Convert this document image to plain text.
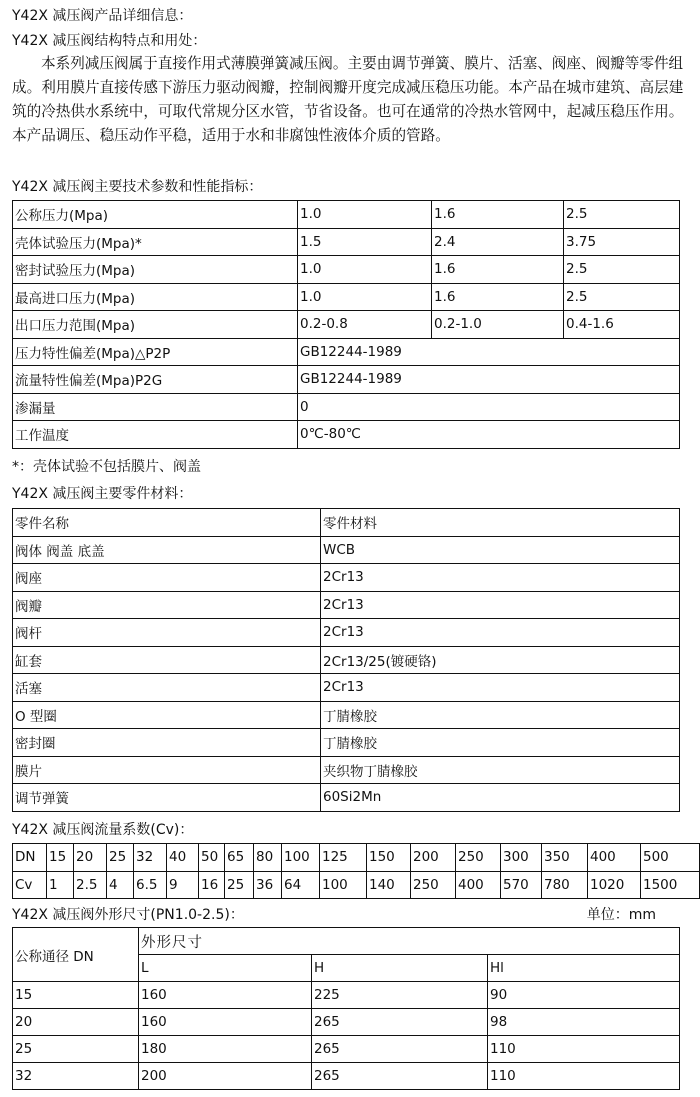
Y42X 减压阀产品详细信息：
Y42X 减压阀结构特点和用处：

本系列减压阀属于直接作用式薄膜弹簧减压阀。主要由调节弹簧、膜片、活塞、阀座、阀瓣等零件组成。利用膜片直接传感下游压力驱动阀瓣，控制阀瓣开度完成减压稳压功能。本产品在城市建筑、高层建筑的冷热供水系统中，可取代常规分区水管，节省设备。也可在通常的冷热水管网中，起减压稳压作用。

本产品调压、稳压动作平稳，适用于水和非腐蚀性液体介质的管路。

Y42X 减压阀主要技术参数和性能指标：
公称压力(Mpa)	1.0	1.6	2.5
壳体试验压力(Mpa)*	1.5	2.4	3.75
密封试验压力(Mpa)	1.0	1.6	2.5
最高进口压力(Mpa)	1.0	1.6	2.5
出口压力范围(Mpa)	0.2-0.8	0.2-1.0	0.4-1.6
压力特性偏差(Mpa)△P2P	GB12244-1989		
流量特性偏差(Mpa)P2G	GB12244-1989		
渗漏量	0		
工作温度	0℃-80℃		
*：壳体试验不包括膜片、阀盖
Y42X 减压阀主要零件材料：
零件名称	零件材料
阀体 阀盖 底盖	WCB
阀座	2Cr13
阀瓣	2Cr13
阀杆	2Cr13
缸套	2Cr13/25(镀硬铬)
活塞	2Cr13
O 型圈	丁腈橡胶
密封圈	丁腈橡胶
膜片	夹织物丁腈橡胶
调节弹簧	60Si2Mn
Y42X 减压阀流量系数(Cv)：
DN	15	20	25	32	40	50	65	80	100	125	150	200	250	300	350	400	500
Cv	1	2.5	4	6.5	9	16	25	36	64	100	140	250	400	570	780	1020	1500
Y42X 减压阀外形尺寸(PN1.0-2.5)：	单位：mm
公称通径 DN	外形尺寸		
	L	H	Hl
15	160	225	90
20	160	265	98
25	180	265	110
32	200	265	110
